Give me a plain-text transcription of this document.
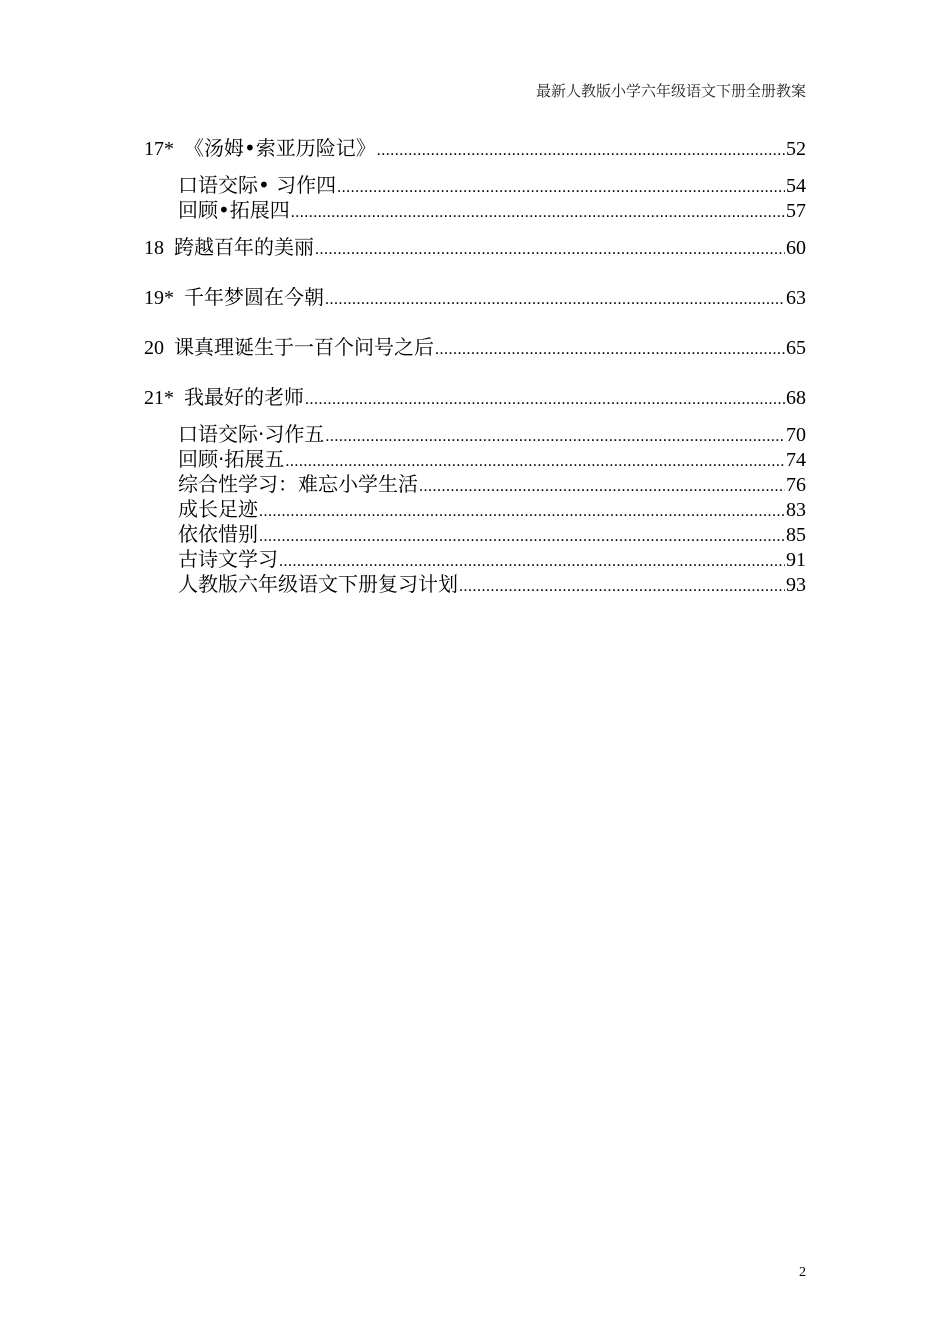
最新人教版小学六年级语文下册全册教案
17* 《汤姆•索亚历险记》 .....	52
口语交际• 习作四 .....	54
回顾•拓展四 .....	57
18 跨越百年的美丽 .....	60
19* 千年梦圆在今朝 .....	63
20 课真理诞生于一百个问号之后 .....	65
21* 我最好的老师 .....	68
口语交际·习作五 .....	70
回顾·拓展五 .....	74
综合性学习：难忘小学生活 .....	76
成长足迹 .....	83
依依惜别 .....	85
古诗文学习 .....	91
人教版六年级语文下册复习计划 .....	93
2
